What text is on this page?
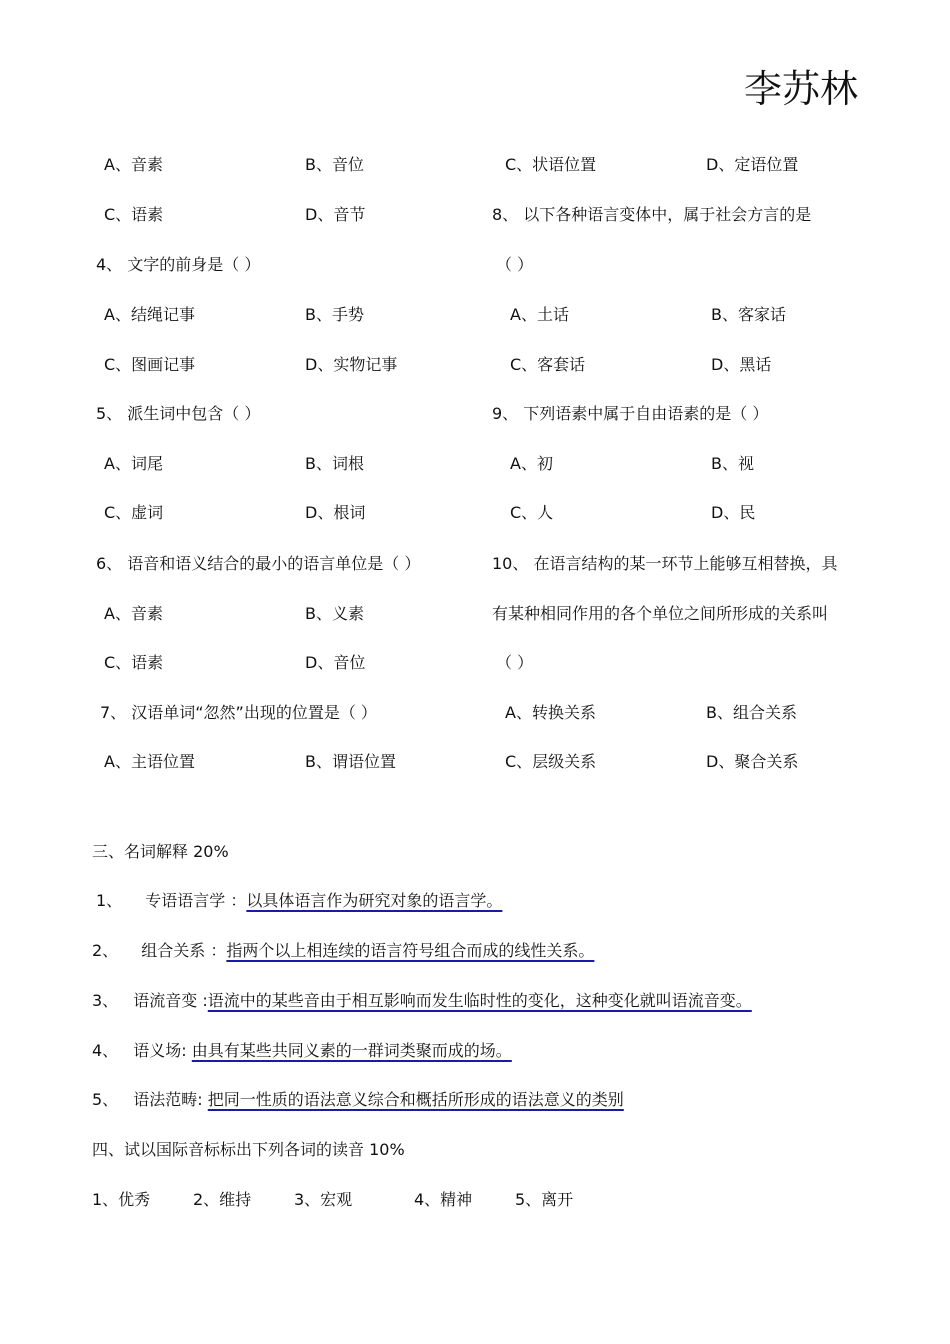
李苏林
A、音素	B、音位
C、语素	D、音节
4、 文字的前身是（ ）
A、结绳记事	B、手势
C、图画记事	D、实物记事
5、 派生词中包含（ ）
A、词尾	B、词根
C、虚词	D、根词
6、 语音和语义结合的最小的语言单位是（ ）
A、音素	B、义素
C、语素	D、音位
7、 汉语单词“忽然”出现的位置是（ ）
A、主语位置	B、谓语位置
C、状语位置	D、定语位置
8、 以下各种语言变体中，属于社会方言的是
（ ）
A、土话	B、客家话
C、客套话	D、黑话
9、 下列语素中属于自由语素的是（ ）
A、初	B、视
C、人	D、民
10、 在语言结构的某一环节上能够互相替换，具
有某种相同作用的各个单位之间所形成的关系叫
（ ）
A、转换关系	B、组合关系
C、层级关系	D、聚合关系
三、名词解释 20%
1、 专语语言学 ：以具体语言作为研究对象的语言学。
2、 组合关系 ：指两个以上相连续的语言符号组合而成的线性关系。
3、 语流音变 :语流中的某些音由于相互影响而发生临时性的变化，这种变化就叫语流音变。
4、 语义场: 由具有某些共同义素的一群词类聚而成的场。
5、 语法范畴: 把同一性质的语法意义综合和概括所形成的语法意义的类别
四、试以国际音标标出下列各词的读音 10%
1、优秀	2、维持	3、宏观	4、精神	5、离开
